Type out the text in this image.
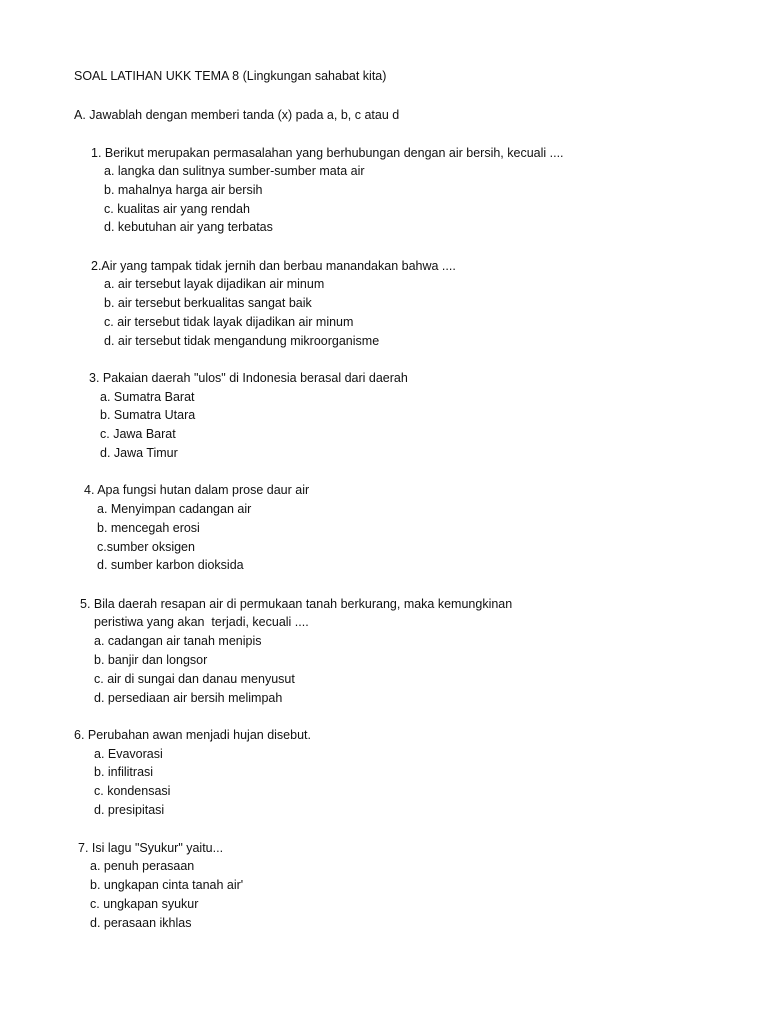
SOAL LATIHAN UKK TEMA 8 (Lingkungan sahabat kita)
A. Jawablah dengan memberi tanda (x) pada a, b, c atau d
1. Berikut merupakan permasalahan yang berhubungan dengan air bersih, kecuali ....
a. langka dan sulitnya sumber-sumber mata air
b. mahalnya harga air bersih
c. kualitas air yang rendah
d. kebutuhan air yang terbatas
2.Air yang tampak tidak jernih dan berbau manandakan bahwa ....
a. air tersebut layak dijadikan air minum
b. air tersebut berkualitas sangat baik
c. air tersebut tidak layak dijadikan air minum
d. air tersebut tidak mengandung mikroorganisme
3. Pakaian daerah "ulos" di Indonesia berasal dari daerah
a. Sumatra Barat
b. Sumatra Utara
c. Jawa Barat
d. Jawa Timur
4. Apa fungsi hutan dalam prose daur air
a. Menyimpan cadangan air
b. mencegah erosi
c.sumber oksigen
d. sumber karbon dioksida
5. Bila daerah resapan air di permukaan tanah berkurang, maka kemungkinan
peristiwa yang akan  terjadi, kecuali ....
a. cadangan air tanah menipis
b. banjir dan longsor
c. air di sungai dan danau menyusut
d. persediaan air bersih melimpah
6. Perubahan awan menjadi hujan disebut.
a. Evavorasi
b. infilitrasi
c. kondensasi
d. presipitasi
7. Isi lagu "Syukur" yaitu...
a. penuh perasaan
b. ungkapan cinta tanah air'
c. ungkapan syukur
d. perasaan ikhlas
